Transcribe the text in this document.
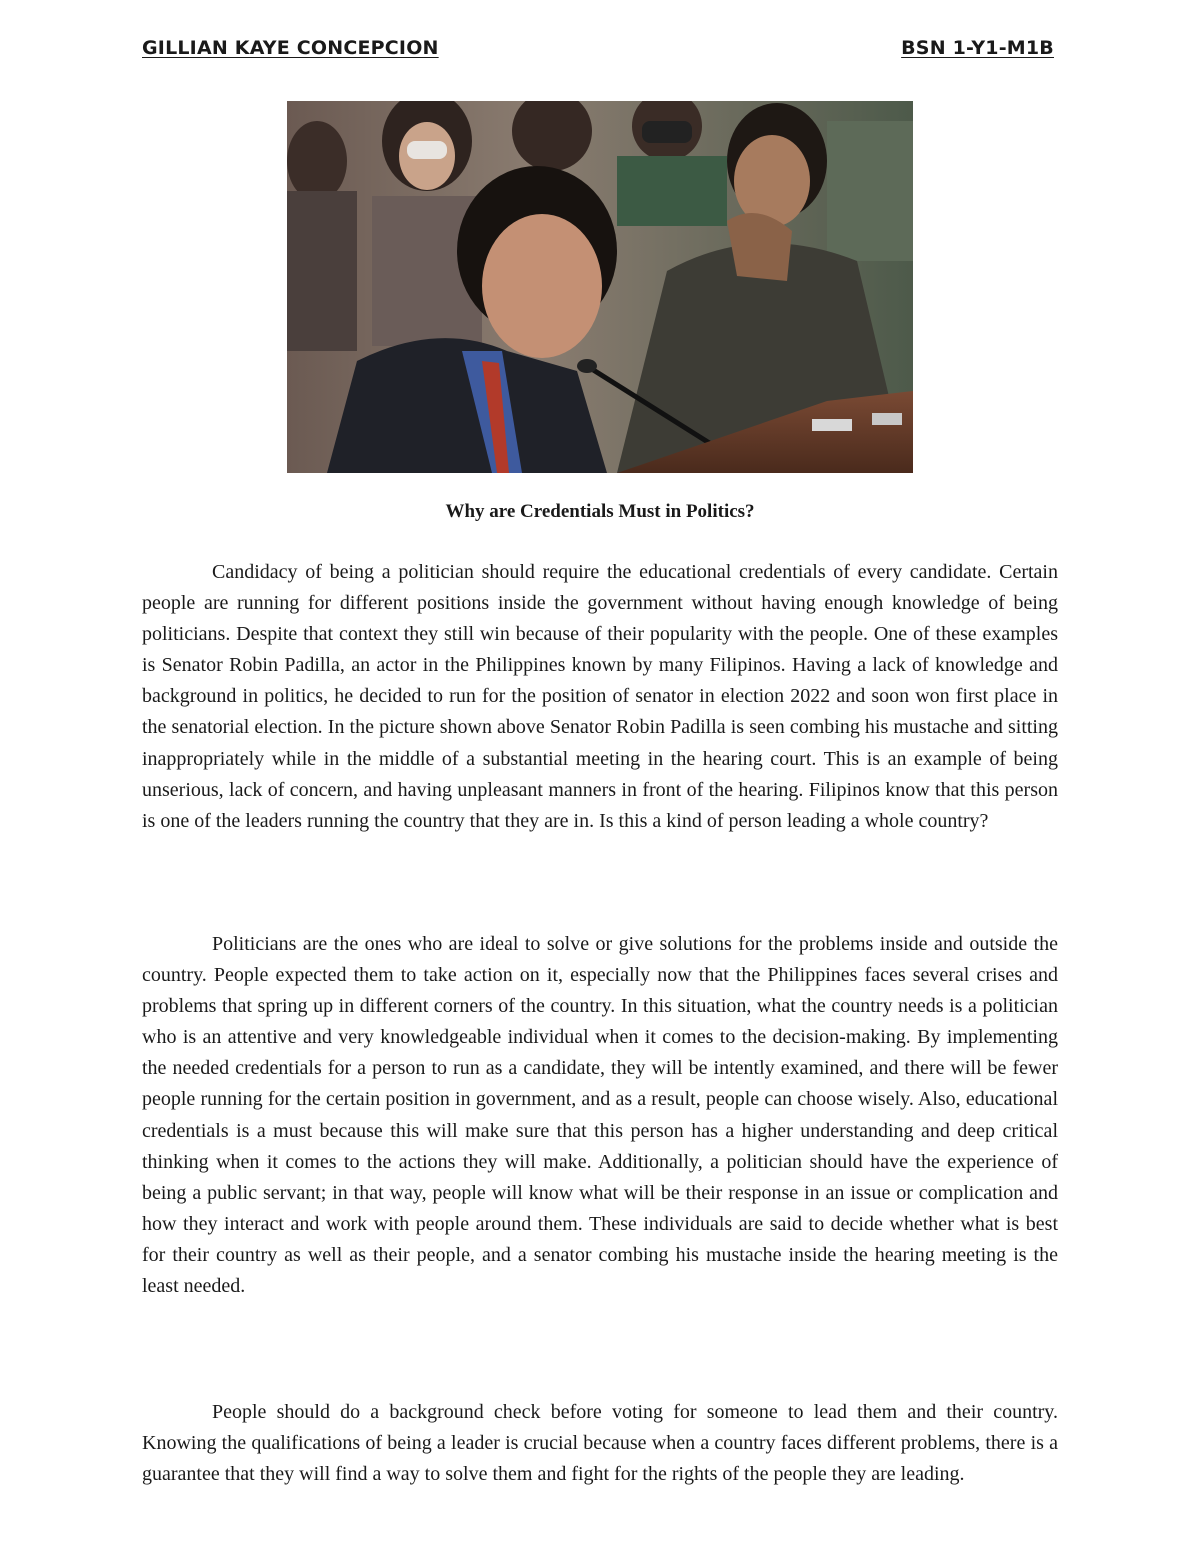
GILLIAN KAYE CONCEPCION	BSN 1-Y1-M1B
Why are Credentials Must in Politics?

Candidacy of being a politician should require the educational credentials of every candidate. Certain people are running for different positions inside the government without having enough knowledge of being politicians. Despite that context they still win because of their popularity with the people. One of these examples is Senator Robin Padilla, an actor in the Philippines known by many Filipinos. Having a lack of knowledge and background in politics, he decided to run for the position of senator in election 2022 and soon won first place in the senatorial election. In the picture shown above Senator Robin Padilla is seen combing his mustache and sitting inappropriately while in the middle of a substantial meeting in the hearing court. This is an example of being unserious, lack of concern, and having unpleasant manners in front of the hearing. Filipinos know that this person is one of the leaders running the country that they are in. Is this a kind of person leading a whole country?

Politicians are the ones who are ideal to solve or give solutions for the problems inside and outside the country. People expected them to take action on it, especially now that the Philippines faces several crises and problems that spring up in different corners of the country. In this situation, what the country needs is a politician who is an attentive and very knowledgeable individual when it comes to the decision-making. By implementing the needed credentials for a person to run as a candidate, they will be intently examined, and there will be fewer people running for the certain position in government, and as a result, people can choose wisely. Also, educational credentials is a must because this will make sure that this person has a higher understanding and deep critical thinking when it comes to the actions they will make. Additionally, a politician should have the experience of being a public servant; in that way, people will know what will be their response in an issue or complication and how they interact and work with people around them. These individuals are said to decide whether what is best for their country as well as their people, and a senator combing his mustache inside the hearing meeting is the least needed.

People should do a background check before voting for someone to lead them and their country. Knowing the qualifications of being a leader is crucial because when a country faces different problems, there is a guarantee that they will find a way to solve them and fight for the rights of the people they are leading.
